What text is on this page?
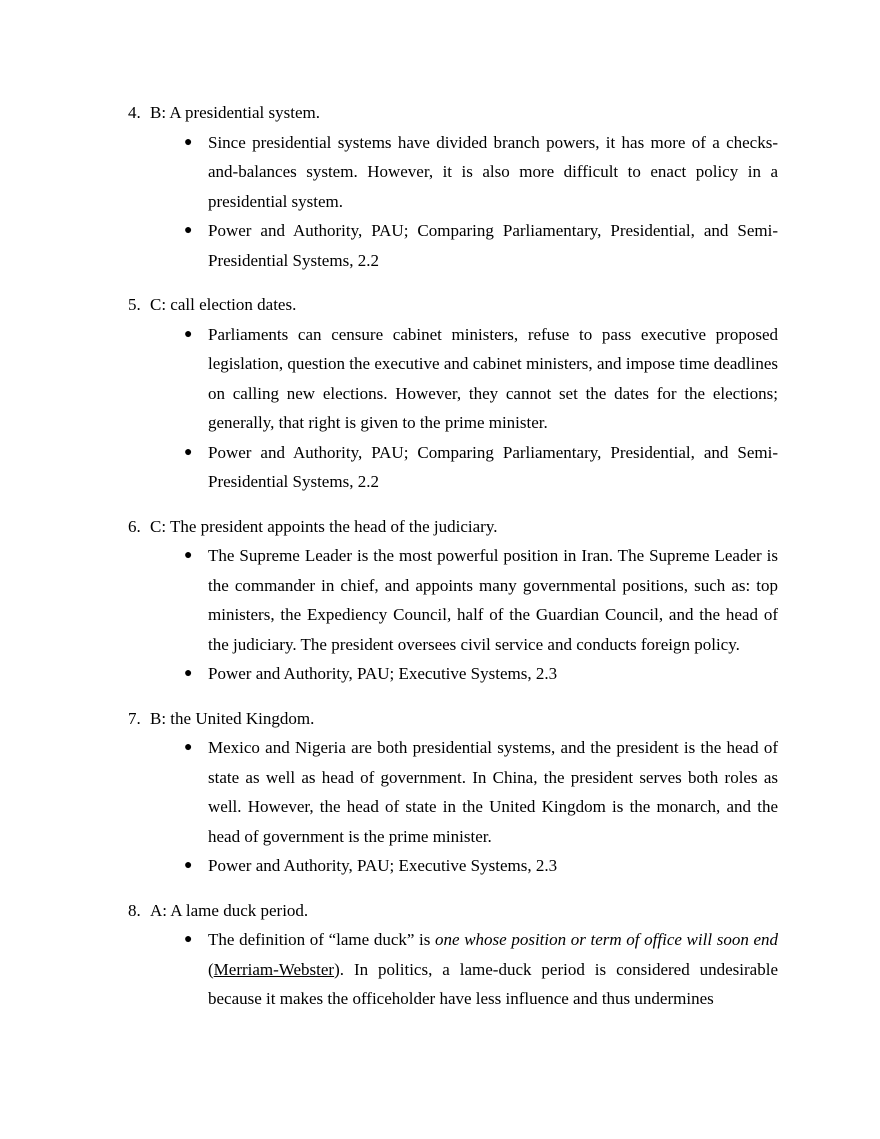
4. B: A presidential system.
● Since presidential systems have divided branch powers, it has more of a checks-and-balances system. However, it is also more difficult to enact policy in a presidential system.

● Power and Authority, PAU; Comparing Parliamentary, Presidential, and Semi-Presidential Systems, 2.2

5. C: call election dates.
● Parliaments can censure cabinet ministers, refuse to pass executive proposed legislation, question the executive and cabinet ministers, and impose time deadlines on calling new elections. However, they cannot set the dates for the elections; generally, that right is given to the prime minister.

● Power and Authority, PAU; Comparing Parliamentary, Presidential, and Semi-Presidential Systems, 2.2

6. C: The president appoints the head of the judiciary.
● The Supreme Leader is the most powerful position in Iran. The Supreme Leader is the commander in chief, and appoints many governmental positions, such as: top ministers, the Expediency Council, half of the Guardian Council, and the head of the judiciary. The president oversees civil service and conducts foreign policy.

● Power and Authority, PAU; Executive Systems, 2.3

7. B: the United Kingdom.
● Mexico and Nigeria are both presidential systems, and the president is the head of state as well as head of government. In China, the president serves both roles as well. However, the head of state in the United Kingdom is the monarch, and the head of government is the prime minister.

● Power and Authority, PAU; Executive Systems, 2.3

8. A: A lame duck period.
● The definition of “lame duck” is one whose position or term of office will soon end (Merriam-Webster). In politics, a lame-duck period is considered undesirable because it makes the officeholder have less influence and thus undermines
